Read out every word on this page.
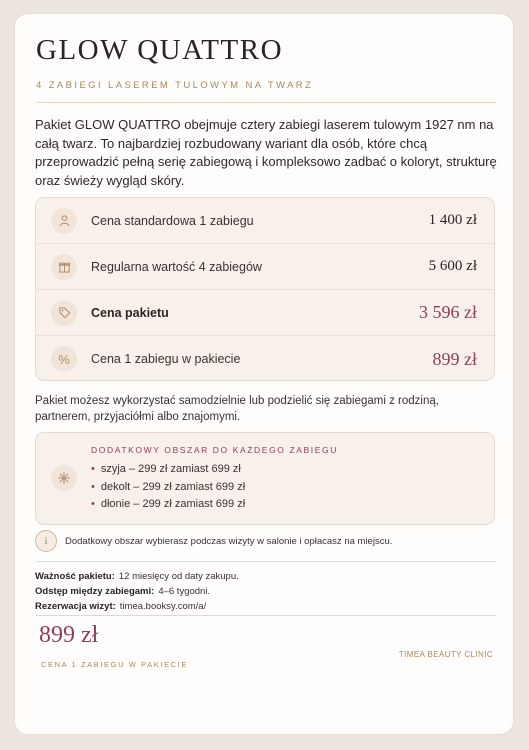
GLOW QUATTRO
4 ZABIEGI LASEREM TULOWYM NA TWARZ

Pakiet GLOW QUATTRO obejmuje cztery zabiegi laserem tulowym 1927 nm na całą twarz. To najbardziej rozbudowany wariant dla osób, które chcą przeprowadzić pełną serię zabiegową i kompleksowo zadbać o koloryt, strukturę oraz świeży wygląd skóry.

Cena standardowa 1 zabiegu	1 400 zł
Regularna wartość 4 zabiegów	5 600 zł
Cena pakietu	3 596 zł
%	Cena 1 zabiegu w pakiecie	899 zł

Pakiet możesz wykorzystać samodzielnie lub podzielić się zabiegami z rodziną, partnerem, przyjaciółmi albo znajomymi.

DODATKOWY OBSZAR DO KAŻDEGO ZABIEGU
• szyja – 299 zł zamiast 699 zł
• dekolt – 299 zł zamiast 699 zł
• dłonie – 299 zł zamiast 699 zł
i	Dodatkowy obszar wybierasz podczas wizyty w salonie i opłacasz na miejscu.
Ważność pakietu: 12 miesięcy od daty zakupu.
Odstęp między zabiegami: 4–6 tygodni.
Rezerwacja wizyt: timea.booksy.com/a/
899 zł
CENA 1 ZABIEGU W PAKIECIE
TIMEA BEAUTY CLINIC
